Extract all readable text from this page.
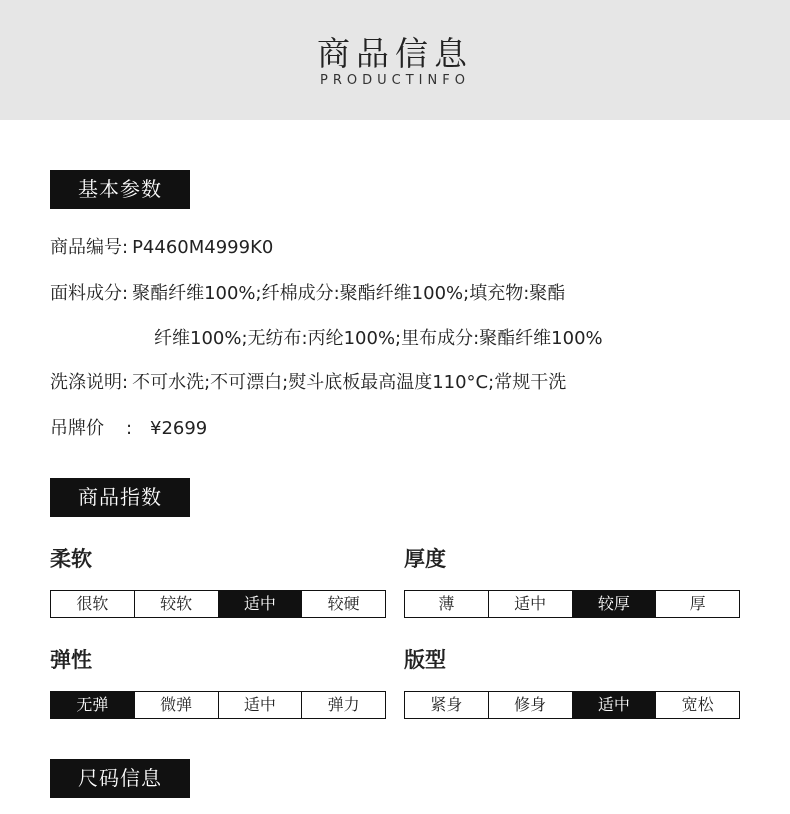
商品信息
PRODUCTINFO
基本参数
商品编号: P4460M4999K0
面料成分: 聚酯纤维100%;纤棉成分:聚酯纤维100%;填充物:聚酯
纤维100%;无纺布:丙纶100%;里布成分:聚酯纤维100%
洗涤说明: 不可水洗;不可漂白;熨斗底板最高温度110°C;常规干洗
吊牌价 : ¥2699
商品指数
柔软
很软	较软	适中	较硬
厚度
薄	适中	较厚	厚
弹性
无弹	微弹	适中	弹力
版型
紧身	修身	适中	宽松
尺码信息
